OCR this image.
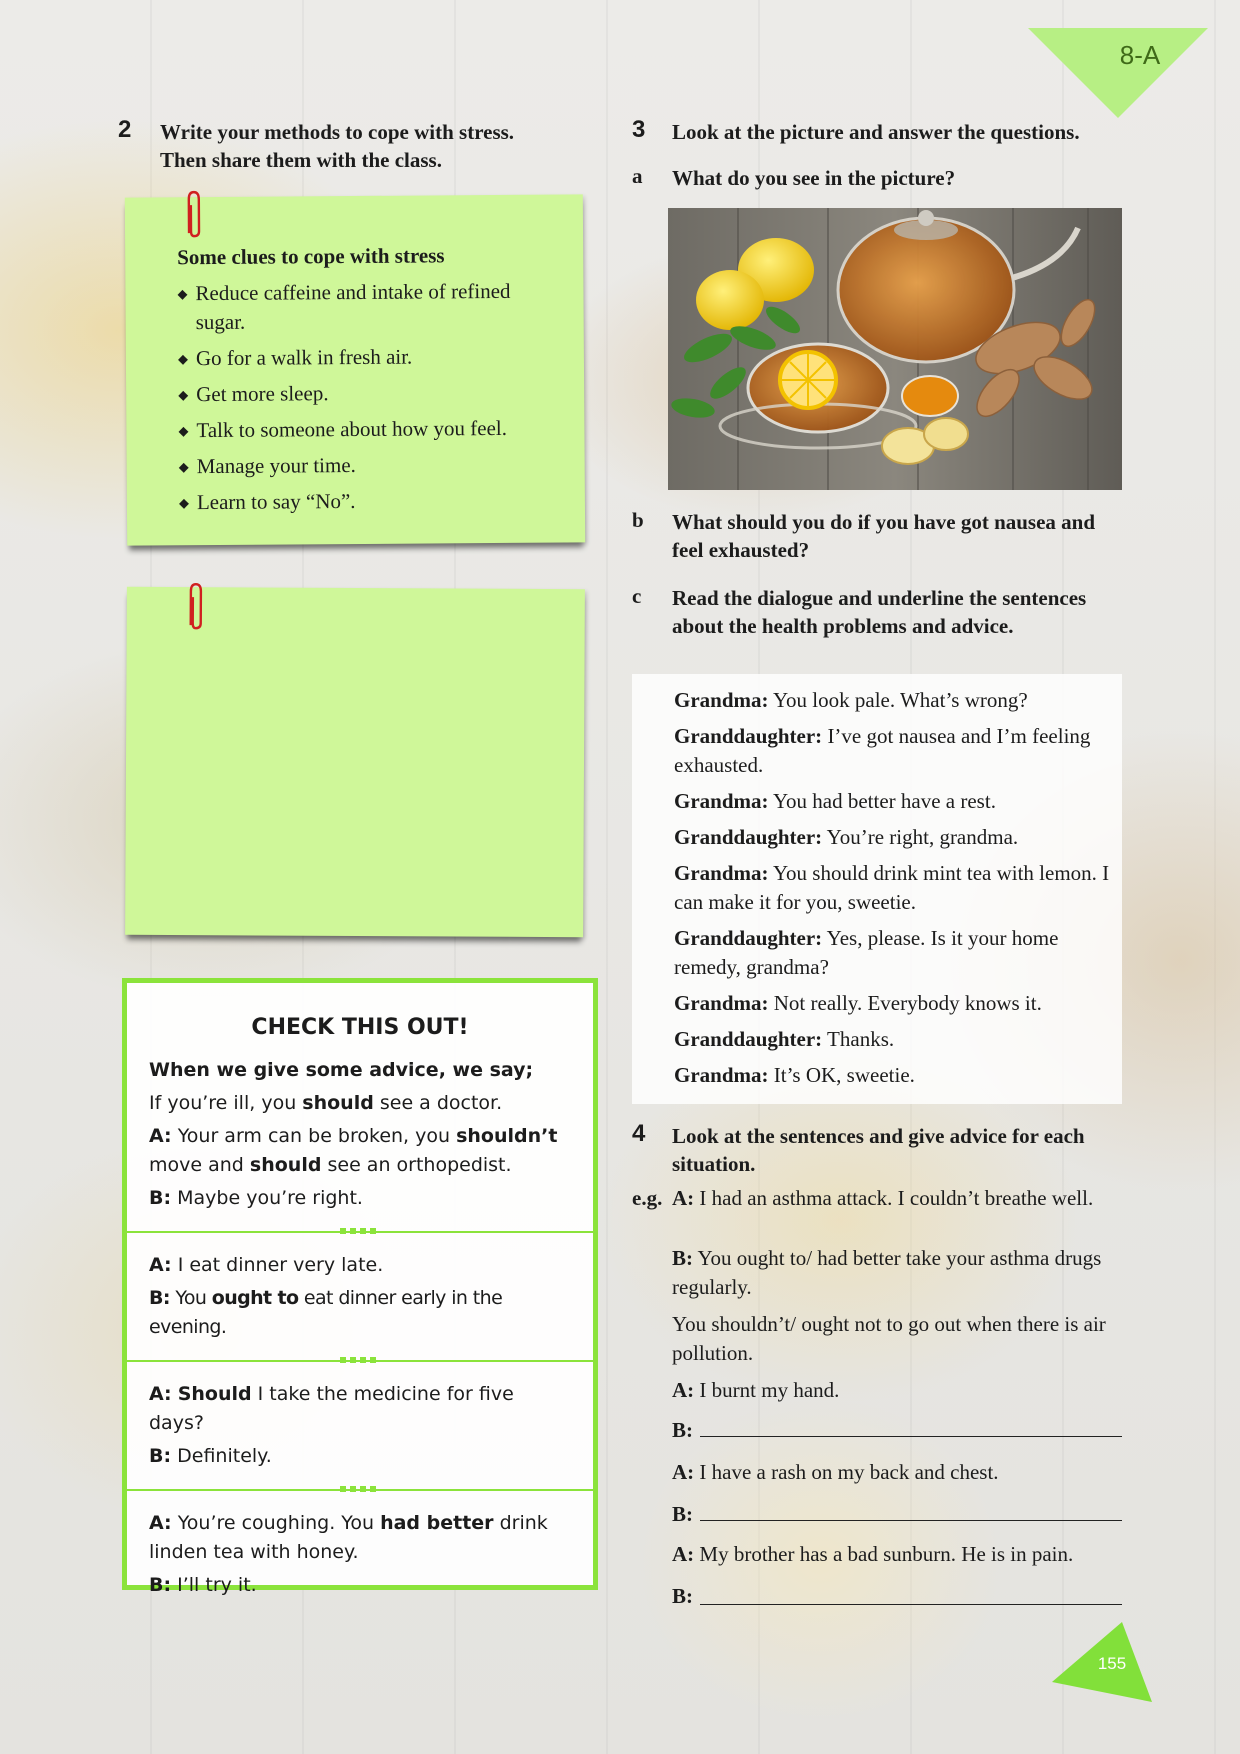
8-A
2 Write your methods to cope with stress.
Then share them with the class.
Some clues to cope with stress
◆ Reduce caffeine and intake of refined sugar.
◆ Go for a walk in fresh air.
◆ Get more sleep.
◆ Talk to someone about how you feel.
◆ Manage your time.
◆ Learn to say “No”.
CHECK THIS OUT!

When we give some advice, we say;

If you’re ill, you should see a doctor.

A: Your arm can be broken, you shouldn’t move and should see an orthopedist.

B: Maybe you’re right.

A: I eat dinner very late.

B: You ought to eat dinner early in the evening.

A: Should I take the medicine for five days?

B: Definitely.

A: You’re coughing. You had better drink linden tea with honey.

B: I’ll try it.

3 Look at the picture and answer the questions.
a What do you see in the picture?
b What should you do if you have got nausea and feel exhausted?
c Read the dialogue and underline the sentences about the health problems and advice.

Grandma: You look pale. What’s wrong?

Granddaughter: I’ve got nausea and I’m feeling exhausted.

Grandma: You had better have a rest.

Granddaughter: You’re right, grandma.

Grandma: You should drink mint tea with lemon. I can make it for you, sweetie.

Granddaughter: Yes, please. Is it your home remedy, grandma?

Grandma: Not really. Everybody knows it.

Granddaughter: Thanks.

Grandma: It’s OK, sweetie.

4 Look at the sentences and give advice for each situation.
e.g. A: I had an asthma attack. I couldn’t breathe well.
B: You ought to/ had better take your asthma drugs regularly.
You shouldn’t/ ought not to go out when there is air pollution.
A: I burnt my hand.
B:
A: I have a rash on my back and chest.
B:
A: My brother has a bad sunburn. He is in pain.
B:
155
